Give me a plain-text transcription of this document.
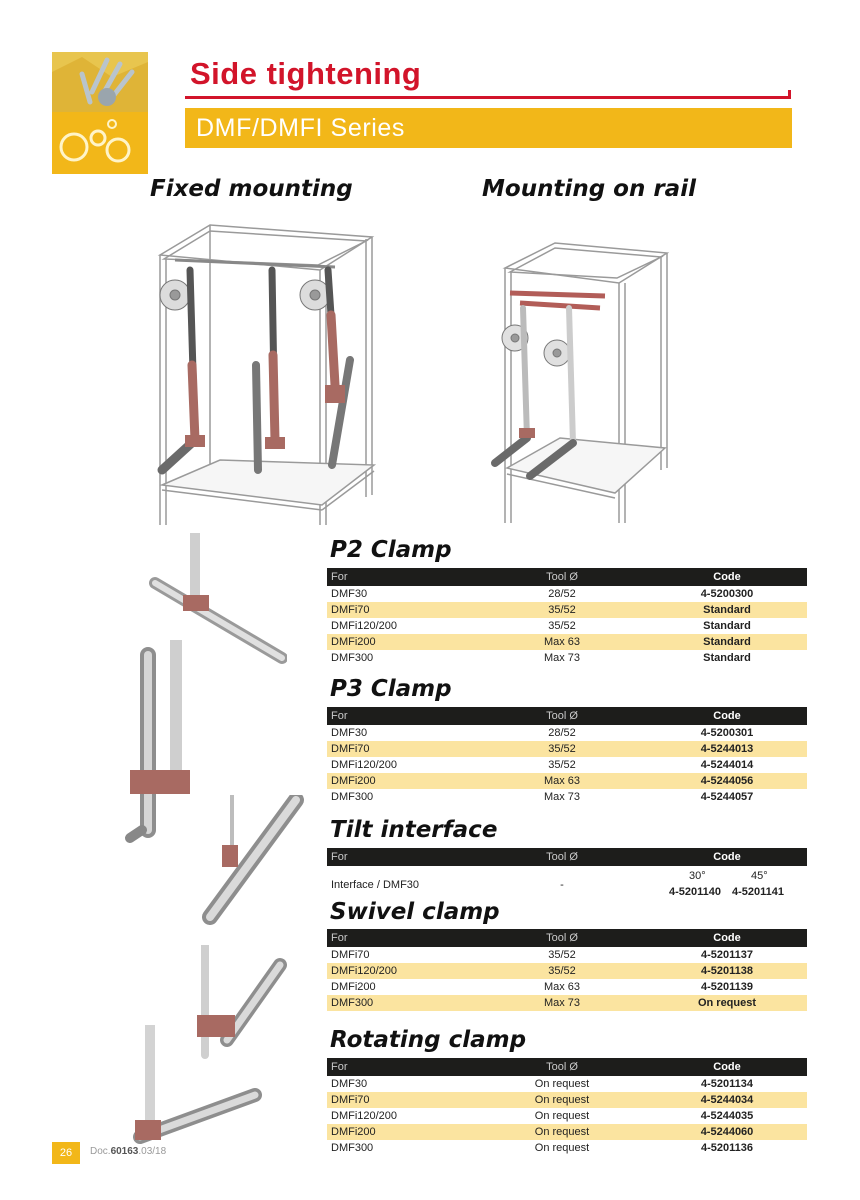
Side tightening
DMF/DMFI Series
Fixed mounting	Mounting on rail
P2 Clamp
For	Tool Ø	Code
DMF30	28/52	4-5200300
DMFi70	35/52	Standard
DMFi120/200	35/52	Standard
DMFi200	Max 63	Standard
DMF300	Max 73	Standard
P3 Clamp
For	Tool Ø	Code
DMF30	28/52	4-5200301
DMFi70	35/52	4-5244013
DMFi120/200	35/52	4-5244014
DMFi200	Max 63	4-5244056
DMF300	Max 73	4-5244057
Tilt interface
For	Tool Ø	Code
Interface / DMF30	-
30°	45°
4-5201140 4-5201141
Swivel clamp
For	Tool Ø	Code
DMFi70	35/52	4-5201137
DMFi120/200	35/52	4-5201138
DMFi200	Max 63	4-5201139
DMF300	Max 73	On request
Rotating clamp
For	Tool Ø	Code
DMF30	On request	4-5201134
DMFi70	On request	4-5244034
DMFi120/200	On request	4-5244035
DMFi200	On request	4-5244060
DMF300	On request	4-5201136
26	Doc.60163.03/18
